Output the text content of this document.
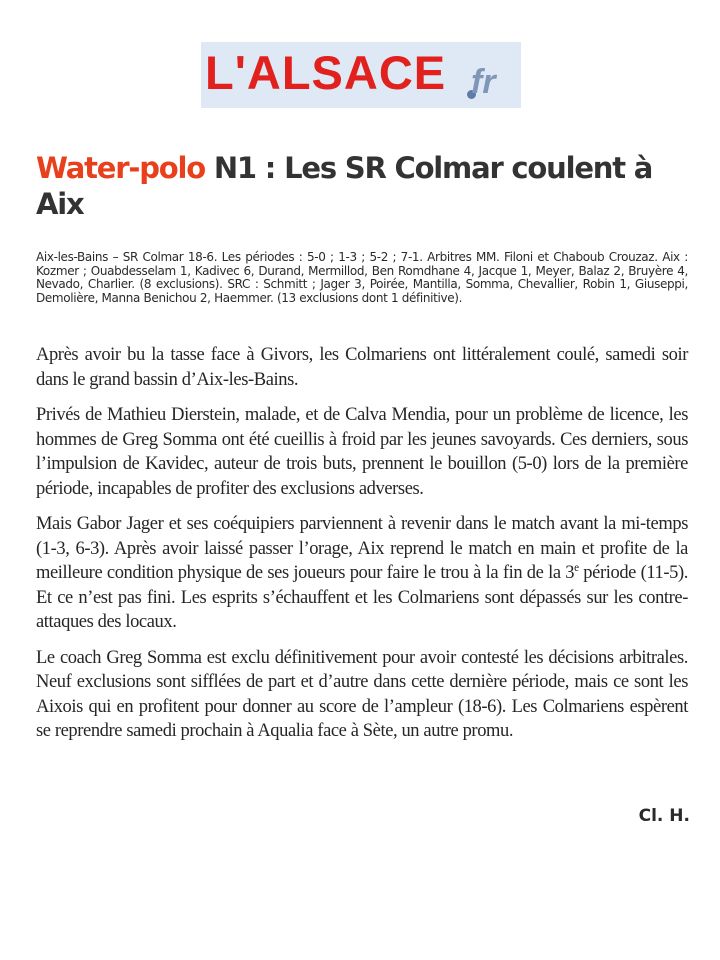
L'ALSACE fr
Water-polo N1 : Les SR Colmar coulent à Aix

Aix-les-Bains – SR Colmar 18-6. Les périodes : 5-0 ; 1-3 ; 5-2 ; 7-1. Arbitres MM. Filoni et Chaboub Crouzaz. Aix : Kozmer ; Ouabdesselam 1, Kadivec 6, Durand, Mermillod, Ben Romdhane 4, Jacque 1, Meyer, Balaz 2, Bruyère 4, Nevado, Charlier. (8 exclusions). SRC : Schmitt ; Jager 3, Poirée, Mantilla, Somma, Chevallier, Robin 1, Giuseppi, Demolière, Manna Benichou 2, Haemmer. (13 exclusions dont 1 définitive).

Après avoir bu la tasse face à Givors, les Colmariens ont littéralement coulé, samedi soir dans le grand bassin d’Aix-les-Bains.

Privés de Mathieu Dierstein, malade, et de Calva Mendia, pour un problème de licence, les hommes de Greg Somma ont été cueillis à froid par les jeunes savoyards. Ces derniers, sous l’impulsion de Kavidec, auteur de trois buts, prennent le bouillon (5-0) lors de la première période, incapables de profiter des exclusions adverses.

Mais Gabor Jager et ses coéquipiers parviennent à revenir dans le match avant la mi-temps (1-3, 6-3). Après avoir laissé passer l’orage, Aix reprend le match en main et profite de la meilleure condition physique de ses joueurs pour faire le trou à la fin de la 3e période (11-5). Et ce n’est pas fini. Les esprits s’échauffent et les Colmariens sont dépassés sur les contre-attaques des locaux.

Le coach Greg Somma est exclu définitivement pour avoir contesté les décisions arbitrales. Neuf exclusions sont sifflées de part et d’autre dans cette dernière période, mais ce sont les Aixois qui en profitent pour donner au score de l’ampleur (18-6). Les Colmariens espèrent se reprendre samedi prochain à Aqualia face à Sète, un autre promu.

Cl. H.
